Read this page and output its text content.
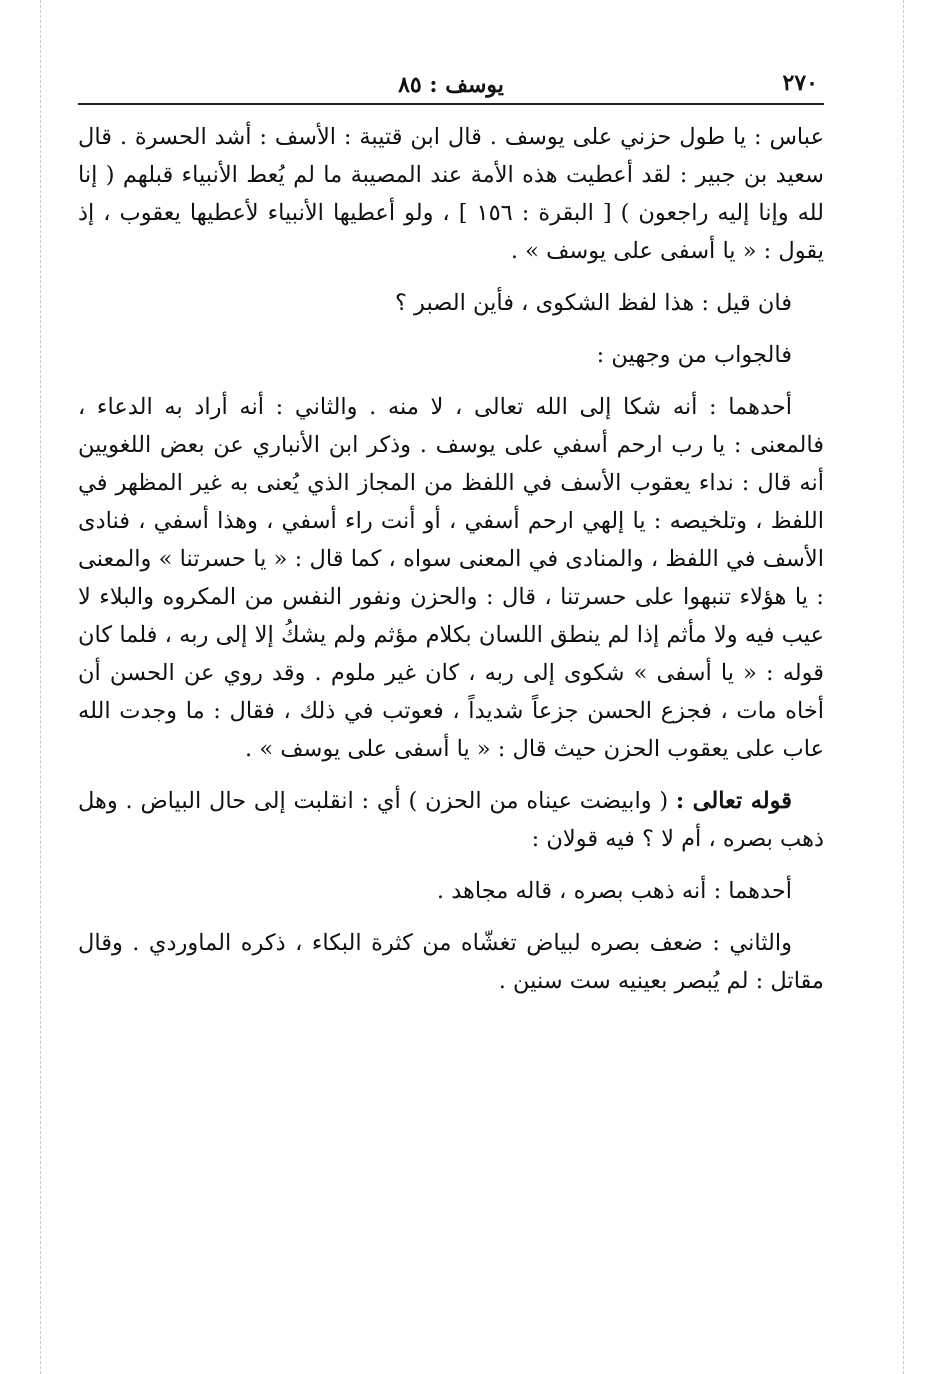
٢٧٠
يوسف : ٨٥

عباس : يا طول حزني على يوسف . قال ابن قتيبة : الأسف : أشد الحسرة . قال سعيد بن جبير : لقد أعطيت هذه الأمة عند المصيبة ما لم يُعط الأنبياء قبلهم ( إنا لله وإنا إليه راجعون ) [ البقرة : ١٥٦ ] ، ولو أعطيها الأنبياء لأعطيها يعقوب ، إذ يقول : « يا أسفى على يوسف » .

فان قيل : هذا لفظ الشكوى ، فأين الصبر ؟

فالجواب من وجهين :

أحدهما : أنه شكا إلى الله تعالى ، لا منه . والثاني : أنه أراد به الدعاء ، فالمعنى : يا رب ارحم أسفي على يوسف . وذكر ابن الأنباري عن بعض اللغويين أنه قال : نداء يعقوب الأسف في اللفظ من المجاز الذي يُعنى به غير المظهر في اللفظ ، وتلخيصه : يا إلهي ارحم أسفي ، أو أنت راء أسفي ، وهذا أسفي ، فنادى الأسف في اللفظ ، والمنادى في المعنى سواه ، كما قال : « يا حسرتنا » والمعنى : يا هؤلاء تنبهوا على حسرتنا ، قال : والحزن ونفور النفس من المكروه والبلاء لا عيب فيه ولا مأثم إذا لم ينطق اللسان بكلام مؤثم ولم يشكُ إلا إلى ربه ، فلما كان قوله : « يا أسفى » شكوى إلى ربه ، كان غير ملوم . وقد روي عن الحسن أن أخاه مات ، فجزع الحسن جزعاً شديداً ، فعوتب في ذلك ، فقال : ما وجدت الله عاب على يعقوب الحزن حيث قال : « يا أسفى على يوسف » .

قوله تعالى : ( وابيضت عيناه من الحزن ) أي : انقلبت إلى حال البياض . وهل ذهب بصره ، أم لا ؟ فيه قولان :

أحدهما : أنه ذهب بصره ، قاله مجاهد .

والثاني : ضعف بصره لبياض تغشّاه من كثرة البكاء ، ذكره الماوردي . وقال مقاتل : لم يُبصر بعينيه ست سنين .
